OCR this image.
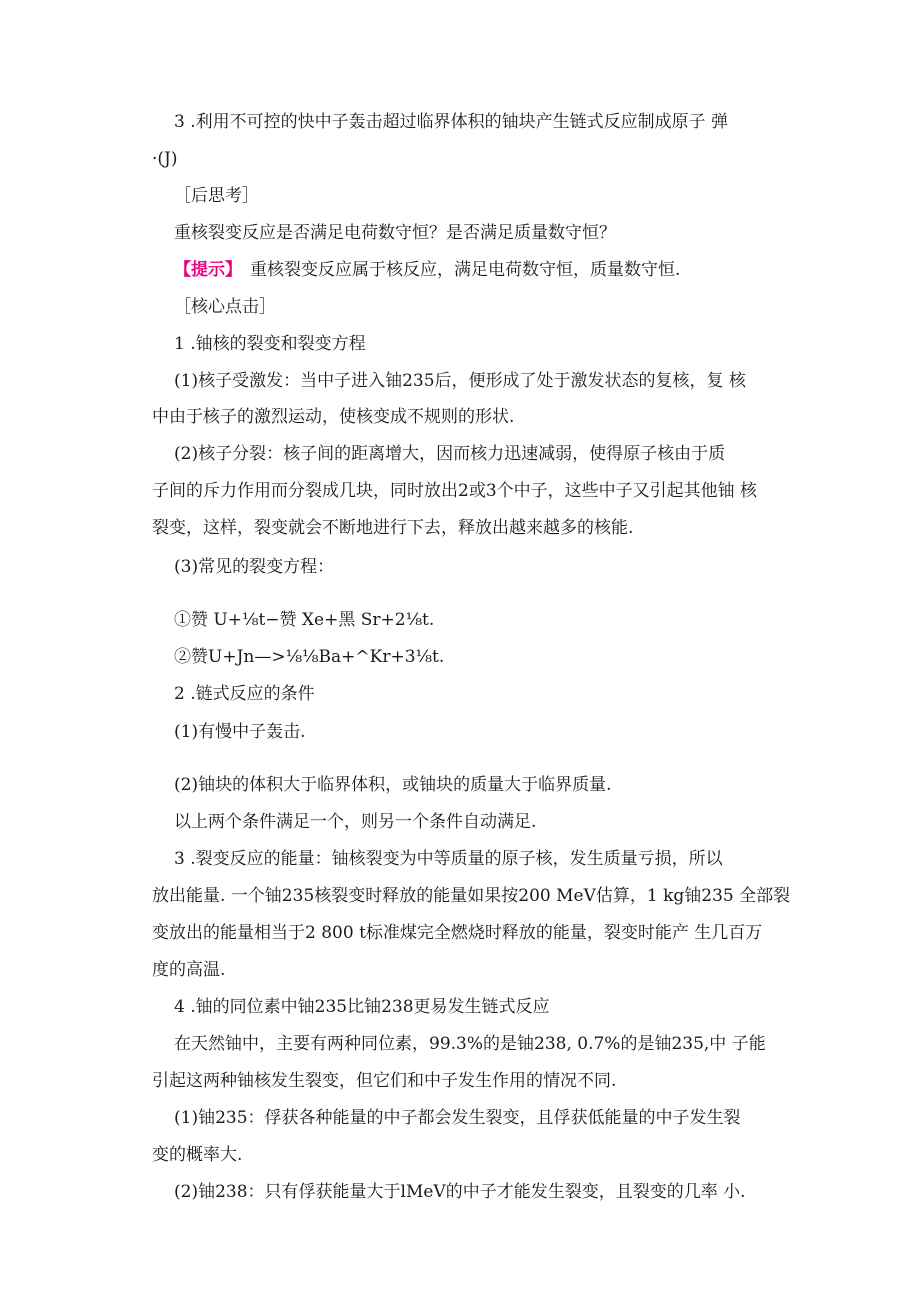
3 .利用不可控的快中子轰击超过临界体积的铀块产生链式反应制成原子 弹
·(J)
［后思考］
重核裂变反应是否满足电荷数守恒？是否满足质量数守恒？
【提示】 重核裂变反应属于核反应，满足电荷数守恒，质量数守恒.
［核心点击］
1 .铀核的裂变和裂变方程
(1)核子受激发：当中子进入铀235后，便形成了处于激发状态的复核，复 核
中由于核子的激烈运动，使核变成不规则的形状.
(2)核子分裂：核子间的距离增大，因而核力迅速减弱，使得原子核由于质
子间的斥力作用而分裂成几块，同时放出2或3个中子，这些中子又引起其他铀 核
裂变，这样，裂变就会不断地进行下去，释放出越来越多的核能.
(3)常见的裂变方程：
①赞 U+⅛t−赞 Xe+黑 Sr+2⅛t.
②赞U+Jn—>⅛⅛Ba+^Kr+3⅛t.
2 .链式反应的条件
(1)有慢中子轰击.
(2)铀块的体积大于临界体积，或铀块的质量大于临界质量.
以上两个条件满足一个，则另一个条件自动满足.
3 .裂变反应的能量：铀核裂变为中等质量的原子核，发生质量亏损，所以
放出能量. 一个铀235核裂变时释放的能量如果按200 MeV估算，1 kg铀235 全部裂
变放出的能量相当于2 800 t标准煤完全燃烧时释放的能量，裂变时能产 生几百万
度的高温.
4 .铀的同位素中铀235比铀238更易发生链式反应
在天然铀中，主要有两种同位素，99.3%的是铀238, 0.7%的是铀235,中 子能
引起这两种铀核发生裂变，但它们和中子发生作用的情况不同.
(1)铀235：俘获各种能量的中子都会发生裂变，且俘获低能量的中子发生裂
变的概率大.
(2)铀238：只有俘获能量大于lMeV的中子才能发生裂变，且裂变的几率 小.
